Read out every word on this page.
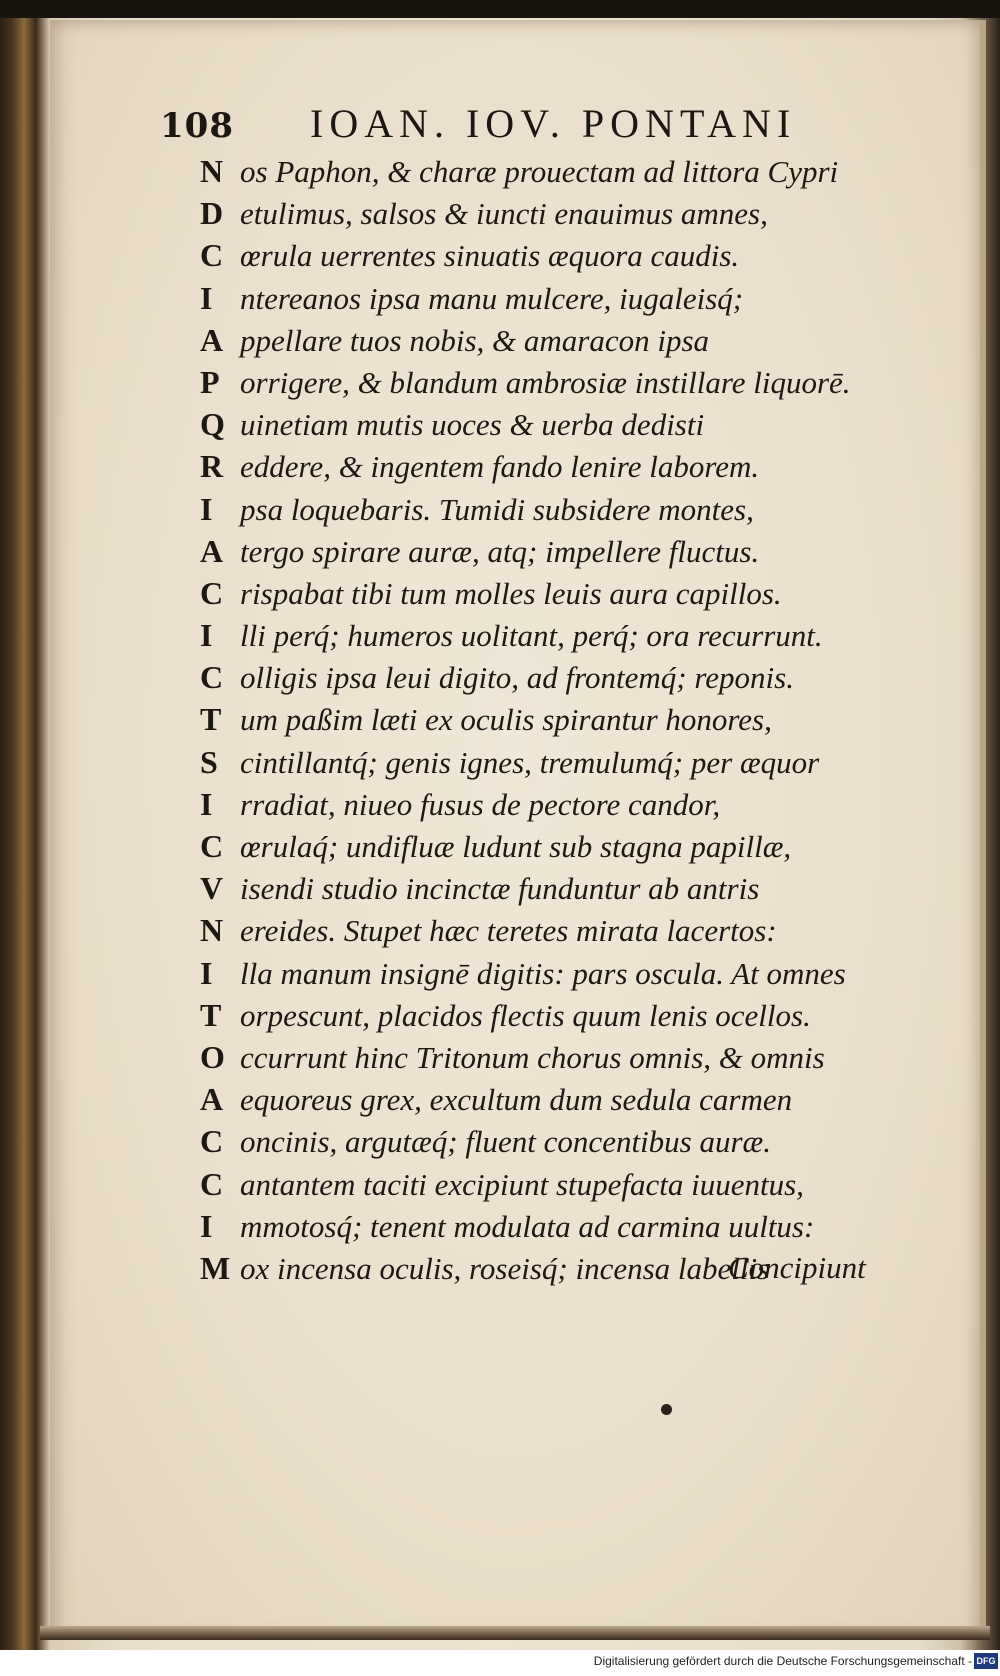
108 IOAN. IOV. PONTANI
N os Paphon, & charæ prouectam ad littora Cypri
D etulimus, salsos & iuncti enauimus amnes,
C œrula uerrentes sinuatis æquora caudis.
I ntereanos ipsa manu mulcere, iugaleisq́;
A ppellare tuos nobis, & amaracon ipsa
P orrigere, & blandum ambrosiæ instillare liquorē.
Q uinetiam mutis uoces & uerba dedisti
R eddere, & ingentem fando lenire laborem.
I psa loquebaris. Tumidi subsidere montes,
A tergo spirare auræ, atq; impellere fluctus.
C rispabat tibi tum molles leuis aura capillos.
I lli perq́; humeros uolitant, perq́; ora recurrunt.
C olligis ipsa leui digito, ad frontemq́; reponis.
T um paßim læti ex oculis spirantur honores,
S cintillantq́; genis ignes, tremulumq́; per æquor
I rradiat, niueo fusus de pectore candor,
C œrulaq́; undifluæ ludunt sub stagna papillæ,
V isendi studio incinctæ funduntur ab antris
N ereides. Stupet hæc teretes mirata lacertos:
I lla manum insignē digitis: pars oscula. At omnes
T orpescunt, placidos flectis quum lenis ocellos.
O ccurrunt hinc Tritonum chorus omnis, & omnis
A equoreus grex, excultum dum sedula carmen
C oncinis, argutæq́; fluent concentibus auræ.
C antantem taciti excipiunt stupefacta iuuentus,
I mmotosq́; tenent modulata ad carmina uultus:
M ox incensa oculis, roseisq́; incensa labellis
Concipiunt
Digitalisierung gefördert durch die Deutsche Forschungsgemeinschaft - DFG
